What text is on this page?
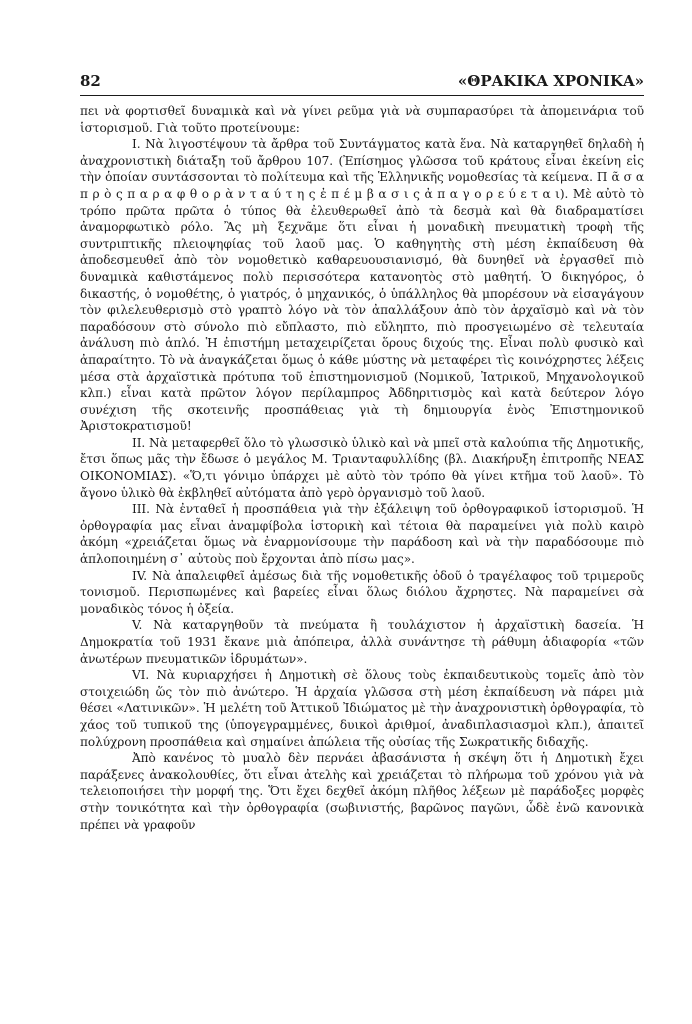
82	«ΘΡΑΚΙΚΑ ΧΡΟΝΙΚΑ»

πει νὰ φορτισθεῖ δυναμικὰ καὶ νὰ γίνει ρεῦμα γιὰ νὰ συμπαρασύρει τὰ ἀπομεινάρια τοῦ ἱστορισμοῦ. Γιὰ τοῦτο προτείνουμε:

Ι. Νὰ λιγοστέψουν τὰ ἄρθρα τοῦ Συντάγματος κατὰ ἕνα. Νὰ καταργηθεῖ δηλαδὴ ἡ ἀναχρονιστικὴ διάταξη τοῦ ἄρθρου 107. (Ἐπίσημος γλῶσσα τοῦ κράτους εἶναι ἐκείνη εἰς τὴν ὁποίαν συντάσσονται τὸ πολίτευμα καὶ τῆς Ἑλληνικῆς νομοθεσίας τὰ κείμενα. Π ᾶ σ α π ρ ὸ ς π α ρ α φ θ ο ρ ὰ ν τ α ύ τ η ς ἐ π έ μ β α σ ι ς ἀ π α γ ο ρ ε ύ ε τ α ι). Μὲ αὐτὸ τὸ τρόπο πρῶτα πρῶτα ὁ τύπος θὰ ἐλευθερωθεῖ ἀπὸ τὰ δεσμὰ καὶ θὰ διαδραματίσει ἀναμορφωτικὸ ρόλο. Ἂς μὴ ξεχνᾶμε ὅτι εἶναι ἡ μοναδικὴ πνευματικὴ τροφὴ τῆς συντριπτικῆς πλειοψηφίας τοῦ λαοῦ μας. Ὁ καθηγητὴς στὴ μέση ἐκπαίδευση θὰ ἀποδεσμευθεῖ ἀπὸ τὸν νομοθετικὸ καθαρευουσιανισμό, θὰ δυνηθεῖ νὰ ἐργασθεῖ πιὸ δυναμικὰ καθιστάμενος πολὺ περισσότερα κατανοητὸς στὸ μαθητή. Ὁ δικηγόρος, ὁ δικαστής, ὁ νομοθέτης, ὁ γιατρός, ὁ μηχανικός, ὁ ὑπάλληλος θὰ μπορέσουν νὰ εἰσαγάγουν τὸν φιλελευθερισμὸ στὸ γραπτὸ λόγο νὰ τὸν ἀπαλλάξουν ἀπὸ τὸν ἀρχαϊσμὸ καὶ νὰ τὸν παραδόσουν στὸ σύνολο πιὸ εὔπλαστο, πιὸ εὔληπτο, πιὸ προσγειωμένο σὲ τελευταία ἀνάλυση πιὸ ἁπλό. Ἡ ἐπιστήμη μεταχειρίζεται ὅρους διχούς της. Εἶναι πολὺ φυσικὸ καὶ ἀπαραίτητο. Τὸ νὰ ἀναγκάζεται ὅμως ὁ κάθε μύστης νὰ μεταφέρει τὶς κοινόχρηστες λέξεις μέσα στὰ ἀρχαϊστικὰ πρότυπα τοῦ ἐπιστημονισμοῦ (Νομικοῦ, Ἰατρικοῦ, Μηχανολογικοῦ κλπ.) εἶναι κατὰ πρῶτον λόγον περίλαμπρος Ἀδδηριτισμὸς καὶ κατὰ δεύτερον λόγο συνέχιση τῆς σκοτεινῆς προσπάθειας γιὰ τὴ δημιουργία ἑνὸς Ἐπιστημονικοῦ Ἀριστοκρατισμοῦ!

ΙΙ. Νὰ μεταφερθεῖ ὅλο τὸ γλωσσικὸ ὑλικὸ καὶ νὰ μπεῖ στὰ καλούπια τῆς Δημοτικῆς, ἔτσι ὅπως μᾶς τὴν ἔδωσε ὁ μεγάλος Μ. Τριανταφυλλίδης (βλ. Διακήρυξη ἐπιτροπῆς ΝΕΑΣ ΟΙΚΟΝΟΜΙΑΣ). «Ὅ,τι γόνιμο ὑπάρχει μὲ αὐτὸ τὸν τρόπο θὰ γίνει κτῆμα τοῦ λαοῦ». Τὸ ἄγονο ὑλικὸ θὰ ἐκβληθεῖ αὐτόματα ἀπὸ γερὸ ὀργανισμὸ τοῦ λαοῦ.

ΙΙΙ. Νὰ ἐνταθεῖ ἡ προσπάθεια γιὰ τὴν ἐξάλειψη τοῦ ὀρθογραφικοῦ ἱστορισμοῦ. Ἡ ὀρθογραφία μας εἶναι ἀναμφίβολα ἱστορικὴ καὶ τέτοια θὰ παραμείνει γιὰ πολὺ καιρὸ ἀκόμη «χρειάζεται ὅμως νὰ ἐναρμονίσουμε τὴν παράδοση καὶ νὰ τὴν παραδόσουμε πιὸ ἁπλοποιημένη σ᾽ αὐτοὺς ποὺ ἔρχονται ἀπὸ πίσω μας».

IV. Νὰ ἀπαλειφθεῖ ἀμέσως διὰ τῆς νομοθετικῆς ὁδοῦ ὁ τραγέλαφος τοῦ τριμεροῦς τονισμοῦ. Περισπωμένες καὶ βαρείες εἶναι ὅλως διόλου ἄχρηστες. Νὰ παραμείνει σὰ μοναδικὸς τόνος ἡ ὀξεία.

V. Νὰ καταργηθοῦν τὰ πνεύματα ἢ τουλάχιστον ἡ ἀρχαϊστικὴ δασεία. Ἡ Δημοκρατία τοῦ 1931 ἔκανε μιὰ ἀπόπειρα, ἀλλὰ συνάντησε τὴ ράθυμη ἀδιαφορία «τῶν ἀνωτέρων πνευματικῶν ἱδρυμάτων».

VI. Νὰ κυριαρχήσει ἡ Δημοτικὴ σὲ ὅλους τοὺς ἐκπαιδευτικοὺς τομεῖς ἀπὸ τὸν στοιχειώδη ὥς τὸν πιὸ ἀνώτερο. Ἡ ἀρχαία γλῶσσα στὴ μέση ἐκπαίδευση νὰ πάρει μιὰ θέσει «Λατινικῶν». Ἡ μελέτη τοῦ Ἀττικοῦ Ἰδιώματος μὲ τὴν ἀναχρονιστικὴ ὀρθογραφία, τὸ χάος τοῦ τυπικοῦ της (ὑπογεγραμμένες, δυικοὶ ἀριθμοί, ἀναδιπλασιασμοὶ κλπ.), ἀπαιτεῖ πολύχρονη προσπάθεια καὶ σημαίνει ἀπώλεια τῆς οὐσίας τῆς Σωκρατικῆς διδαχῆς.

Ἀπὸ κανένος τὸ μυαλὸ δὲν περνάει ἀβασάνιστα ἡ σκέψη ὅτι ἡ Δημοτικὴ ἔχει παράξενες ἀνακολουθίες, ὅτι εἶναι ἀτελὴς καὶ χρειάζεται τὸ πλήρωμα τοῦ χρόνου γιὰ νὰ τελειοποιήσει τὴν μορφή της. Ὅτι ἔχει δεχθεῖ ἀκόμη πλῆθος λέξεων μὲ παράδοξες μορφὲς στὴν τονικότητα καὶ τὴν ὀρθογραφία (σωβινιστής, βαρῶνος παγῶνι, ὧδὲ ἐνῶ κανονικὰ πρέπει νὰ γραφοῦν
